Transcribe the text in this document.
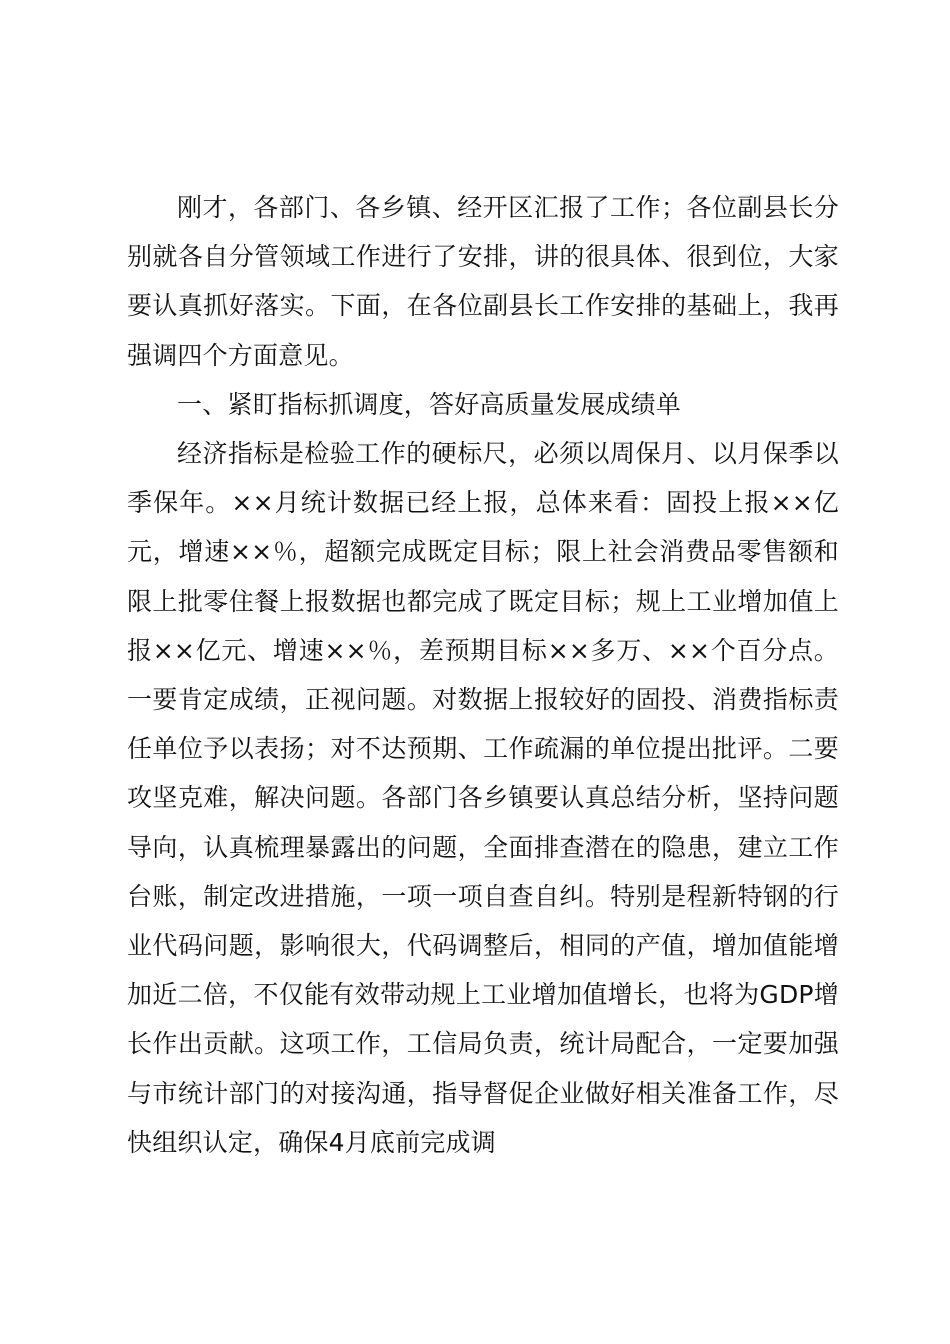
刚才，各部门、各乡镇、经开区汇报了工作；各位副县长分别就各自分管领域工作进行了安排，讲的很具体、很到位，大家要认真抓好落实。下面，在各位副县长工作安排的基础上，我再强调四个方面意见。

一、紧盯指标抓调度，答好高质量发展成绩单

经济指标是检验工作的硬标尺，必须以周保月、以月保季以季保年。××月统计数据已经上报，总体来看：固投上报××亿元，增速××％，超额完成既定目标；限上社会消费品零售额和限上批零住餐上报数据也都完成了既定目标；规上工业增加值上报××亿元、增速××％，差预期目标××多万、××个百分点。一要肯定成绩，正视问题。对数据上报较好的固投、消费指标责任单位予以表扬；对不达预期、工作疏漏的单位提出批评。二要攻坚克难，解决问题。各部门各乡镇要认真总结分析，坚持问题导向，认真梳理暴露出的问题，全面排查潜在的隐患，建立工作台账，制定改进措施，一项一项自查自纠。特别是程新特钢的行业代码问题，影响很大，代码调整后，相同的产值，增加值能增加近二倍，不仅能有效带动规上工业增加值增长，也将为GDP增长作出贡献。这项工作，工信局负责，统计局配合，一定要加强与市统计部门的对接沟通，指导督促企业做好相关准备工作，尽快组织认定，确保4月底前完成调
